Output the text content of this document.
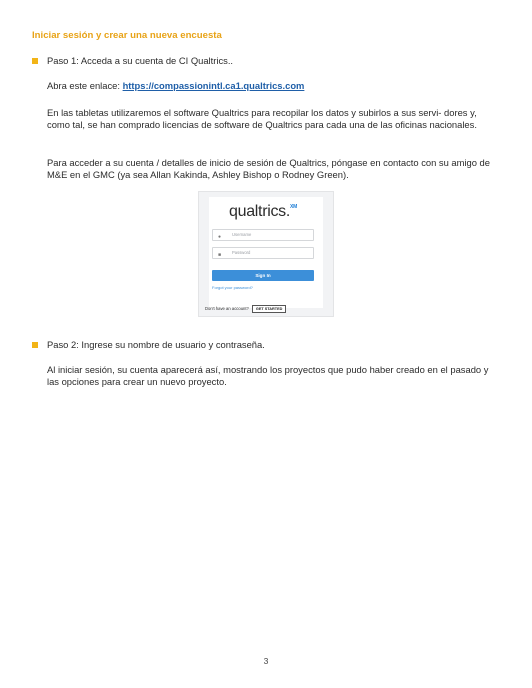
Iniciar sesión y crear una nueva encuesta
Paso 1: Acceda a su cuenta de CI Qualtrics..
Abra este enlace: https://compassionintl.ca1.qualtrics.com
En las tabletas utilizaremos el software Qualtrics para recopilar los datos y subirlos a sus servi- dores y, como tal, se han comprado licencias de software de Qualtrics para cada una de las oficinas nacionales.
Para acceder a su cuenta / detalles de inicio de sesión de Qualtrics, póngase en contacto con su amigo de M&E en el GMC (ya sea Allan Kakinda, Ashley Bishop o Rodney Green).
qualtrics.$^{XM}$
●	Username
■	Password
Sign In
Forgot your password?
Don't have an account? GET STARTED
Paso 2: Ingrese su nombre de usuario y contraseña.
Al iniciar sesión, su cuenta aparecerá así, mostrando los proyectos que pudo haber creado en el pasado y las opciones para crear un nuevo proyecto.
3
